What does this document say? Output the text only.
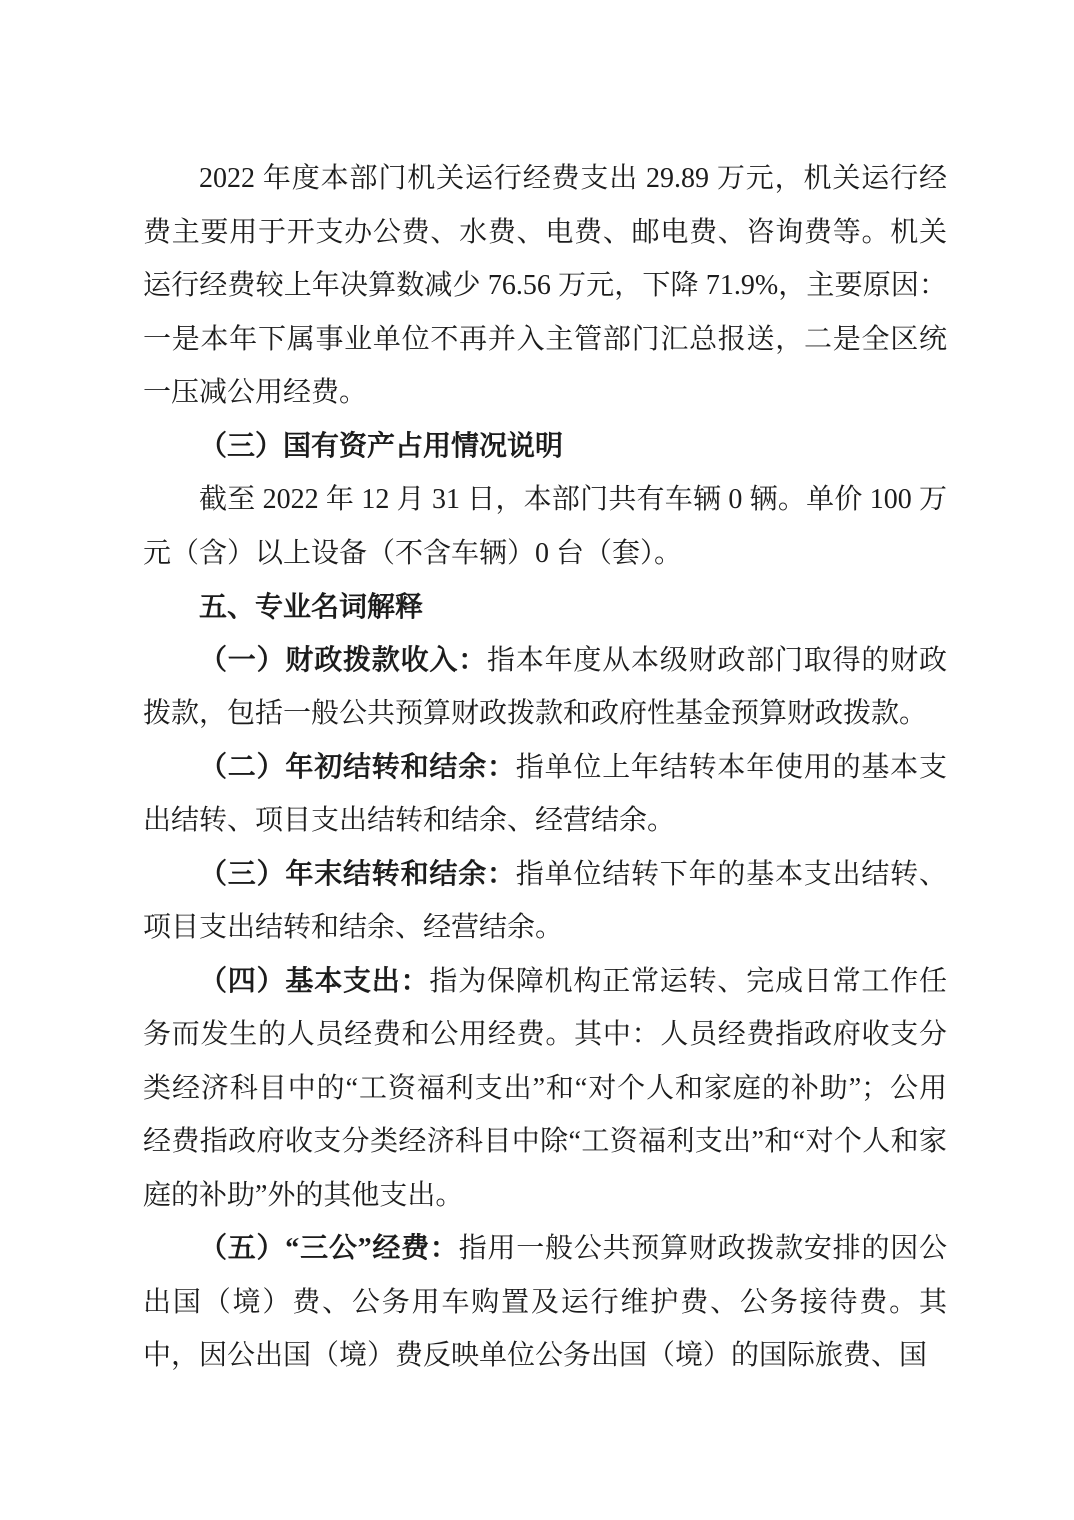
2022 年度本部门机关运行经费支出 29.89 万元，机关运行经费主要用于开支办公费、水费、电费、邮电费、咨询费等。机关运行经费较上年决算数减少 76.56 万元，下降 71.9%，主要原因：一是本年下属事业单位不再并入主管部门汇总报送，二是全区统一压减公用经费。

（三）国有资产占用情况说明

截至 2022 年 12 月 31 日，本部门共有车辆 0 辆。单价 100 万元（含）以上设备（不含车辆）0 台（套）。

五、专业名词解释

（一）财政拨款收入：指本年度从本级财政部门取得的财政拨款，包括一般公共预算财政拨款和政府性基金预算财政拨款。

（二）年初结转和结余：指单位上年结转本年使用的基本支出结转、项目支出结转和结余、经营结余。

（三）年末结转和结余：指单位结转下年的基本支出结转、项目支出结转和结余、经营结余。

（四）基本支出：指为保障机构正常运转、完成日常工作任务而发生的人员经费和公用经费。其中：人员经费指政府收支分类经济科目中的“工资福利支出”和“对个人和家庭的补助”；公用经费指政府收支分类经济科目中除“工资福利支出”和“对个人和家庭的补助”外的其他支出。

（五）“三公”经费：指用一般公共预算财政拨款安排的因公出国（境）费、公务用车购置及运行维护费、公务接待费。其中，因公出国（境）费反映单位公务出国（境）的国际旅费、国
